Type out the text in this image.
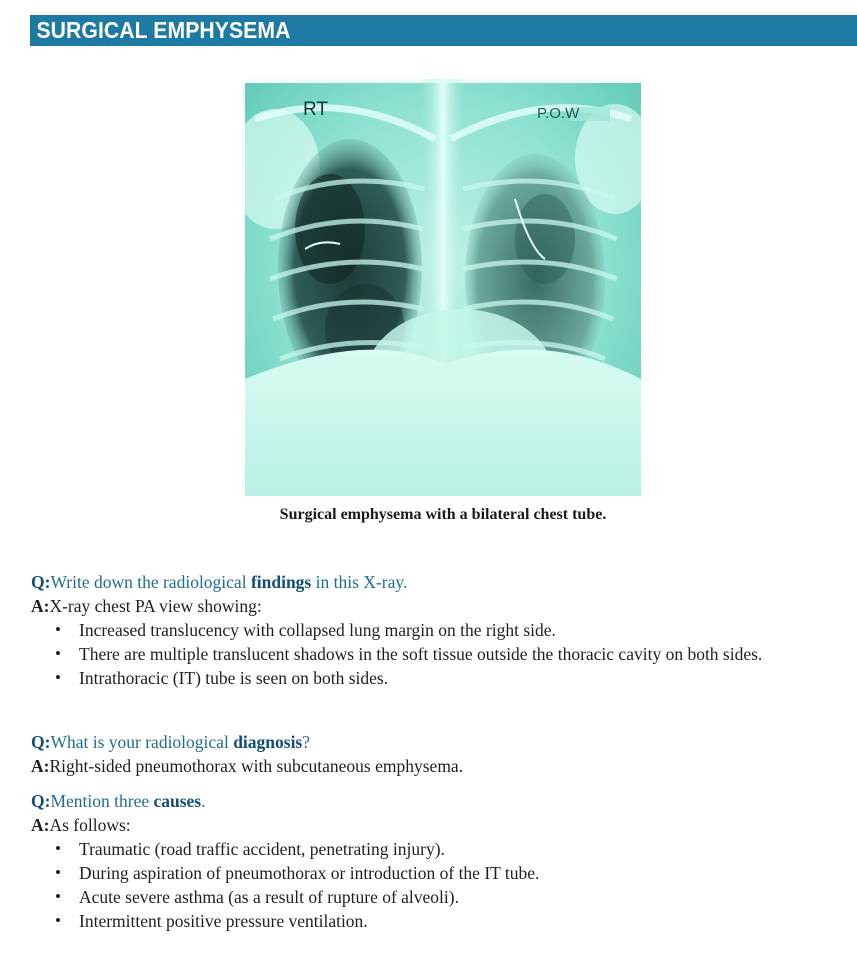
SURGICAL EMPHYSEMA
RT	P.O.W
Surgical emphysema with a bilateral chest tube.
Q:Write down the radiological findings in this X-ray.
A:X-ray chest PA view showing:
• Increased translucency with collapsed lung margin on the right side.
• There are multiple translucent shadows in the soft tissue outside the thoracic cavity on both sides.
• Intrathoracic (IT) tube is seen on both sides.
Q:What is your radiological diagnosis?
A:Right-sided pneumothorax with subcutaneous emphysema.
Q:Mention three causes.
A:As follows:
• Traumatic (road traffic accident, penetrating injury).
• During aspiration of pneumothorax or introduction of the IT tube.
• Acute severe asthma (as a result of rupture of alveoli).
• Intermittent positive pressure ventilation.
